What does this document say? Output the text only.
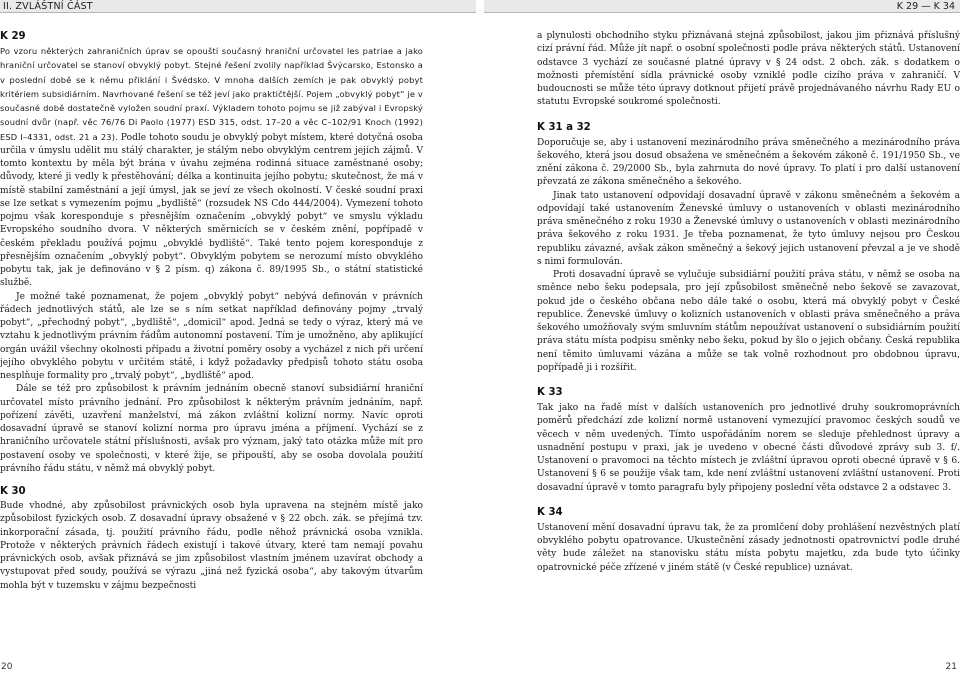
II. ZVLÁŠTNÍ ČÁST	K 29 — K 34
K 29

Po vzoru některých zahraničních úprav se opouští současný hraniční určovatel les patriae a jako hraniční určovatel se stanoví obvyklý pobyt. Stejné řešení zvolily například Švýcarsko, Estonsko a v poslední době se k němu přiklání i Švédsko. V mnoha dalších zemích je pak obvyklý pobyt kritériem subsidiárním. Navrhované řešení se též jeví jako praktičtější. Pojem „obvyklý pobyt“ je v současné době dostatečně vyložen soudní praxí. Výkladem tohoto pojmu se již zabýval i Evropský soudní dvůr (např. věc 76/76 Di Paolo (1977) ESD 315, odst. 17–20 a věc C–102/91 Knoch (1992) ESD I–4331, odst. 21 a 23). Podle tohoto soudu je obvyklý pobyt místem, které dotyčná osoba určila v úmyslu udělit mu stálý charakter, je stálým nebo obvyklým centrem jejích zájmů. V tomto kontextu by měla být brána v úvahu zejména rodinná situace zaměstnané osoby; důvody, které ji vedly k přestěhování; délka a kontinuita jejího pobytu; skutečnost, že má v místě stabilní zaměstnání a její úmysl, jak se jeví ze všech okolností. V české soudní praxi se lze setkat s vymezením pojmu „bydliště“ (rozsudek NS Cdo 444/2004). Vymezení tohoto pojmu však koresponduje s přesnějším označením „obvyklý pobyt“ ve smyslu výkladu Evropského soudního dvora. V některých směrnicích se v českém znění, popřípadě v českém překladu používá pojmu „obvyklé bydliště“. Také tento pojem koresponduje z přesnějším označením „obvyklý pobyt“. Obvyklým pobytem se nerozumí místo obvyklého pobytu tak, jak je definováno v § 2 písm. q) zákona č. 89/1995 Sb., o státní statistické službě.

Je možné také poznamenat, že pojem „obvyklý pobyt“ nebývá definován v právních řádech jednotlivých států, ale lze se s ním setkat například definovány pojmy „trvalý pobyt“, „přechodný pobyt“, „bydliště“, „domicil“ apod. Jedná se tedy o výraz, který má ve vztahu k jednotlivým právním řádům autonomní postavení. Tím je umožněno, aby aplikující orgán uvážil všechny okolnosti případu a životní poměry osoby a vycházel z nich při určení jejího obvyklého pobytu v určitém státě, i když požadavky předpisů tohoto státu osoba nesplňuje formality pro „trvalý pobyt“, „bydliště“ apod.

Dále se též pro způsobilost k právním jednáním obecně stanoví subsidiární hraniční určovatel místo právního jednání. Pro způsobilost k některým právním jednáním, např. pořízení závěti, uzavření manželství, má zákon zvláštní kolizní normy. Navíc oproti dosavadní úpravě se stanoví kolizní norma pro úpravu jména a příjmení. Vychází se z hraničního určovatele státní příslušnosti, avšak pro význam, jaký tato otázka může mít pro postavení osoby ve společnosti, v které žije, se připouští, aby se osoba dovolala použití právního řádu státu, v němž má obvyklý pobyt.

K 30

Bude vhodné, aby způsobilost právnických osob byla upravena na stejném místě jako způsobilost fyzických osob. Z dosavadní úpravy obsažené v § 22 obch. zák. se přejímá tzv. inkorporační zásada, tj. použití právního řádu, podle něhož právnická osoba vznikla. Protože v některých právních řádech existují i takové útvary, které tam nemají povahu právnických osob, avšak přiznává se jim způsobilost vlastním jménem uzavírat obchody a vystupovat před soudy, používá se výrazu „jiná než fyzická osoba“, aby takovým útvarům mohla být v tuzemsku v zájmu bezpečnosti

a plynulosti obchodního styku přiznávaná stejná způsobilost, jakou jim přiznává příslušný cizí právní řád. Může jít např. o osobní společnosti podle práva některých států. Ustanovení odstavce 3 vychází ze současné platné úpravy v § 24 odst. 2 obch. zák. s dodatkem o možnosti přemístění sídla právnické osoby vzniklé podle cizího práva v zahraničí. V budoucnosti se může této úpravy dotknout přijetí právě projednávaného návrhu Rady EU o statutu Evropské soukromé společnosti.

K 31 a 32

Doporučuje se, aby i ustanovení mezinárodního práva směnečného a mezinárodního práva šekového, která jsou dosud obsažena ve směnečném a šekovém zákoně č. 191/1950 Sb., ve znění zákona č. 29/2000 Sb., byla zahrnuta do nové úpravy. To platí i pro další ustanovení převzatá ze zákona směnečného a šekového.

Jinak tato ustanovení odpovídají dosavadní úpravě v zákonu směnečném a šekovém a odpovídají také ustanovením Ženevské úmluvy o ustanoveních v oblasti mezinárodního práva směnečného z roku 1930 a Ženevské úmluvy o ustanoveních v oblasti mezinárodního práva šekového z roku 1931. Je třeba poznamenat, že tyto úmluvy nejsou pro Českou republiku závazné, avšak zákon směnečný a šekový jejich ustanovení převzal a je ve shodě s nimi formulován.

Proti dosavadní úpravě se vylučuje subsidiární použití práva státu, v němž se osoba na směnce nebo šeku podepsala, pro její způsobilost směnečně nebo šekově se zavazovat, pokud jde o českého občana nebo dále také o osobu, která má obvyklý pobyt v České republice. Ženevské úmluvy o kolizních ustanoveních v oblasti práva směnečného a práva šekového umožňovaly svým smluvním státům nepoužívat ustanovení o subsidiárním použití práva státu místa podpisu směnky nebo šeku, pokud by šlo o jejich občany. Česká republika není těmito úmluvami vázána a může se tak volně rozhodnout pro obdobnou úpravu, popřípadě ji i rozšířit.

K 33

Tak jako na řadě míst v dalších ustanoveních pro jednotlivé druhy soukromoprávních poměrů předchází zde kolizní normě ustanovení vymezující pravomoc českých soudů ve věcech v něm uvedených. Tímto uspořádáním norem se sleduje přehlednost úpravy a usnadnění postupu v praxi, jak je uvedeno v obecné části důvodové zprávy sub 3. f/. Ustanovení o pravomoci na těchto místech je zvláštní úpravou oproti obecné úpravě v § 6. Ustanovení § 6 se použije však tam, kde není zvláštní ustanovení zvláštní ustanovení. Proti dosavadní úpravě v tomto paragrafu byly připojeny poslední věta odstavce 2 a odstavec 3.

K 34

Ustanovení mění dosavadní úpravu tak, že za promlčení doby prohlášení nezvěstných platí obvyklého pobytu opatrovance. Ukustečnění zásady jednotnosti opatrovnictví podle druhé věty bude záležet na stanovisku státu místa pobytu majetku, zda bude tyto účinky opatrovnické péče zřízené v jiném státě (v České republice) uznávat.

20	21
